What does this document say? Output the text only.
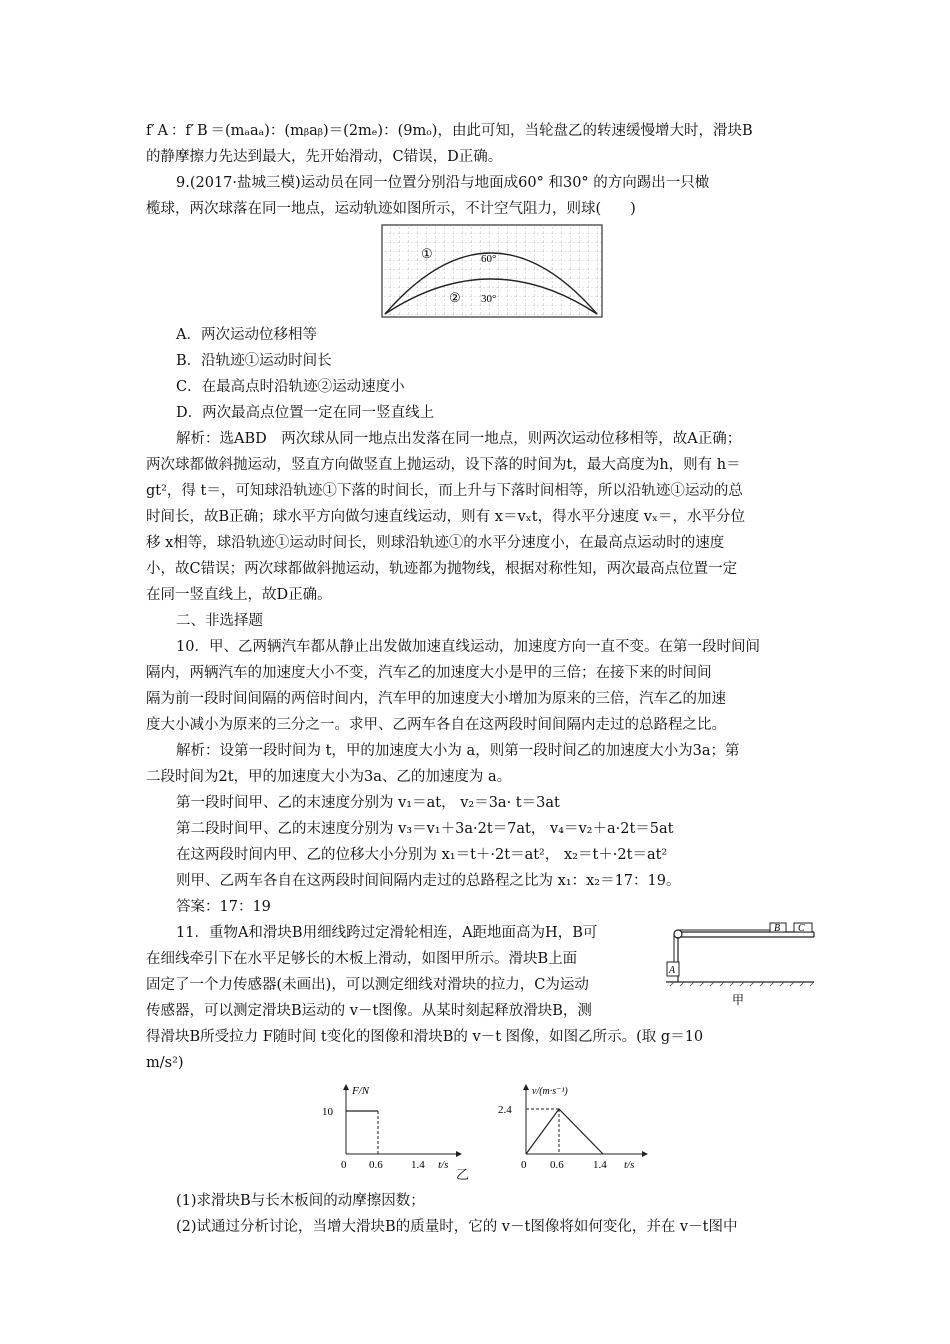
f′ A ：f′ B ＝(mₐaₐ)：(mᵦaᵦ)＝(2mₑ)：(9mₒ)，由此可知，当轮盘乙的转速缓慢增大时，滑块B
的静摩擦力先达到最大，先开始滑动，C错误，D正确。
9.(2017·盐城三模)运动员在同一位置分别沿与地面成60° 和30° 的方向踢出一只橄
榄球，两次球落在同一地点，运动轨迹如图所示，不计空气阻力，则球(　　)
①	60°
② 30°
A．两次运动位移相等
B．沿轨迹①运动时间长
C．在最高点时沿轨迹②运动速度小
D．两次最高点位置一定在同一竖直线上
解析：选ABD　两次球从同一地点出发落在同一地点，则两次运动位移相等，故A正确；
两次球都做斜抛运动，竖直方向做竖直上抛运动，设下落的时间为t，最大高度为h，则有 h＝
gt²，得 t＝，可知球沿轨迹①下落的时间长，而上升与下落时间相等，所以沿轨迹①运动的总
时间长，故B正确；球水平方向做匀速直线运动，则有 x＝vₓt，得水平分速度 vₓ＝，水平分位
移 x相等，球沿轨迹①运动时间长，则球沿轨迹①的水平分速度小，在最高点运动时的速度
小，故C错误；两次球都做斜抛运动，轨迹都为抛物线，根据对称性知，两次最高点位置一定
在同一竖直线上，故D正确。
二、非选择题
10．甲、乙两辆汽车都从静止出发做加速直线运动，加速度方向一直不变。在第一段时间间
隔内，两辆汽车的加速度大小不变，汽车乙的加速度大小是甲的三倍；在接下来的时间间
隔为前一段时间间隔的两倍时间内，汽车甲的加速度大小增加为原来的三倍，汽车乙的加速
度大小减小为原来的三分之一。求甲、乙两车各自在这两段时间间隔内走过的总路程之比。
解析：设第一段时间为 t，甲的加速度大小为 a，则第一段时间乙的加速度大小为3a；第
二段时间为2t，甲的加速度大小为3a、乙的加速度为 a。
第一段时间甲、乙的末速度分别为 v₁＝at， v₂＝3a· t＝3at
第二段时间甲、乙的末速度分别为 v₃＝v₁＋3a·2t＝7at， v₄＝v₂＋a·2t＝5at
在这两段时间内甲、乙的位移大小分别为 x₁＝t＋·2t＝at²， x₂＝t＋·2t＝at²
则甲、乙两车各自在这两段时间间隔内走过的总路程之比为 x₁：x₂＝17：19。
答案：17：19
11．重物A和滑块B用细线跨过定滑轮相连，A距地面高为H，B可
在细线牵引下在水平足够长的木板上滑动，如图甲所示。滑块B上面
固定了一个力传感器(未画出)，可以测定细线对滑块的拉力，C为运动
传感器，可以测定滑块B运动的 v－t图像。从某时刻起释放滑块B，测
得滑块B所受拉力 F随时间 t变化的图像和滑块B的 v－t 图像，如图乙所示。(取 g＝10
m/s²)
B C
A
甲
F/N
10
0 0.6	1.4 t/s
v/(m·s⁻¹)
2.4
0 0.6	1.4 t/s
乙
(1)求滑块B与长木板间的动摩擦因数；
(2)试通过分析讨论，当增大滑块B的质量时，它的 v－t图像将如何变化，并在 v－t图中
